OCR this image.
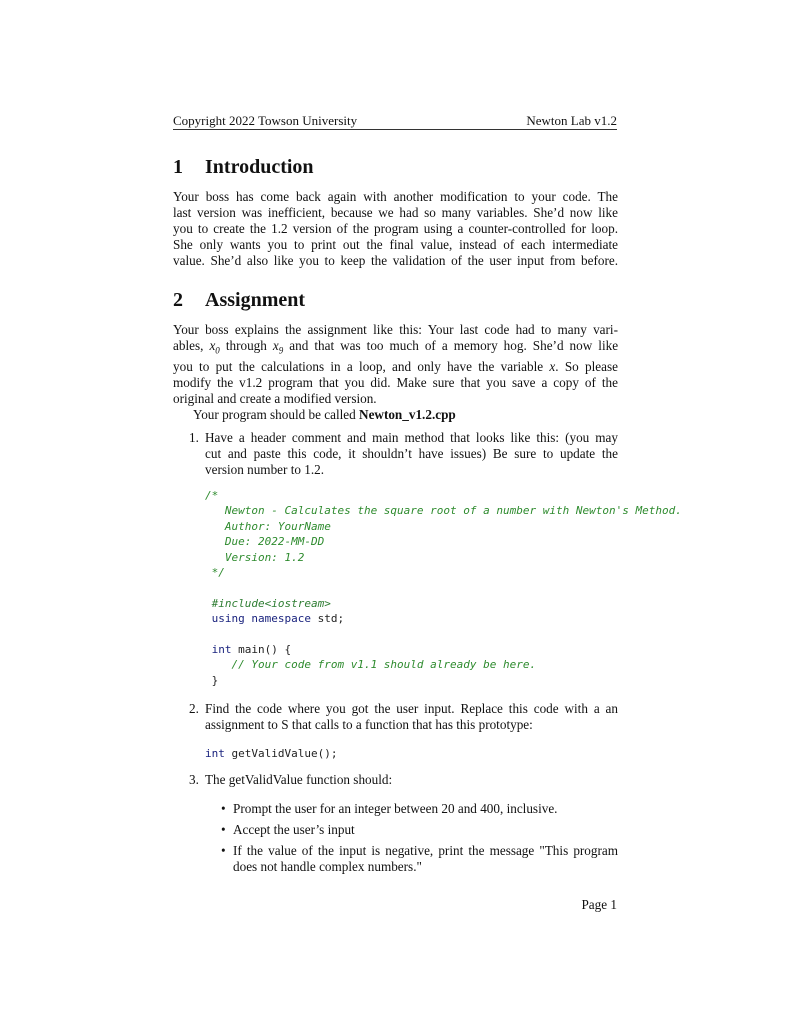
Copyright 2022 Towson University	Newton Lab v1.2
1 Introduction
Your boss has come back again with another modification to your code. The
last version was inefficient, because we had so many variables. She’d now like
you to create the 1.2 version of the program using a counter-controlled for loop.
She only wants you to print out the final value, instead of each intermediate
value. She’d also like you to keep the validation of the user input from before.
2 Assignment
Your boss explains the assignment like this: Your last code had to many vari-
ables, $x_0$ through $x_9$ and that was too much of a memory hog. She’d now like
you to put the calculations in a loop, and only have the variable x. So please
modify the v1.2 program that you did. Make sure that you save a copy of the
original and create a modified version.
Your program should be called Newton_v1.2.cpp
1. Have a header comment and main method that looks like this: (you may
cut and paste this code, it shouldn’t have issues) Be sure to update the
version number to 1.2.
/*
Newton - Calculates the square root of a number with Newton's Method.
Author: YourName
Due: 2022-MM-DD
Version: 1.2
*/

#include<iostream>
using namespace std;

int main() {
// Your code from v1.1 should already be here.
}
2. Find the code where you got the user input. Replace this code with a an
assignment to S that calls to a function that has this prototype:
int getValidValue();
3. The getValidValue function should:
• Prompt the user for an integer between 20 and 400, inclusive.
• Accept the user’s input
• If the value of the input is negative, print the message "This program
does not handle complex numbers."
Page 1
